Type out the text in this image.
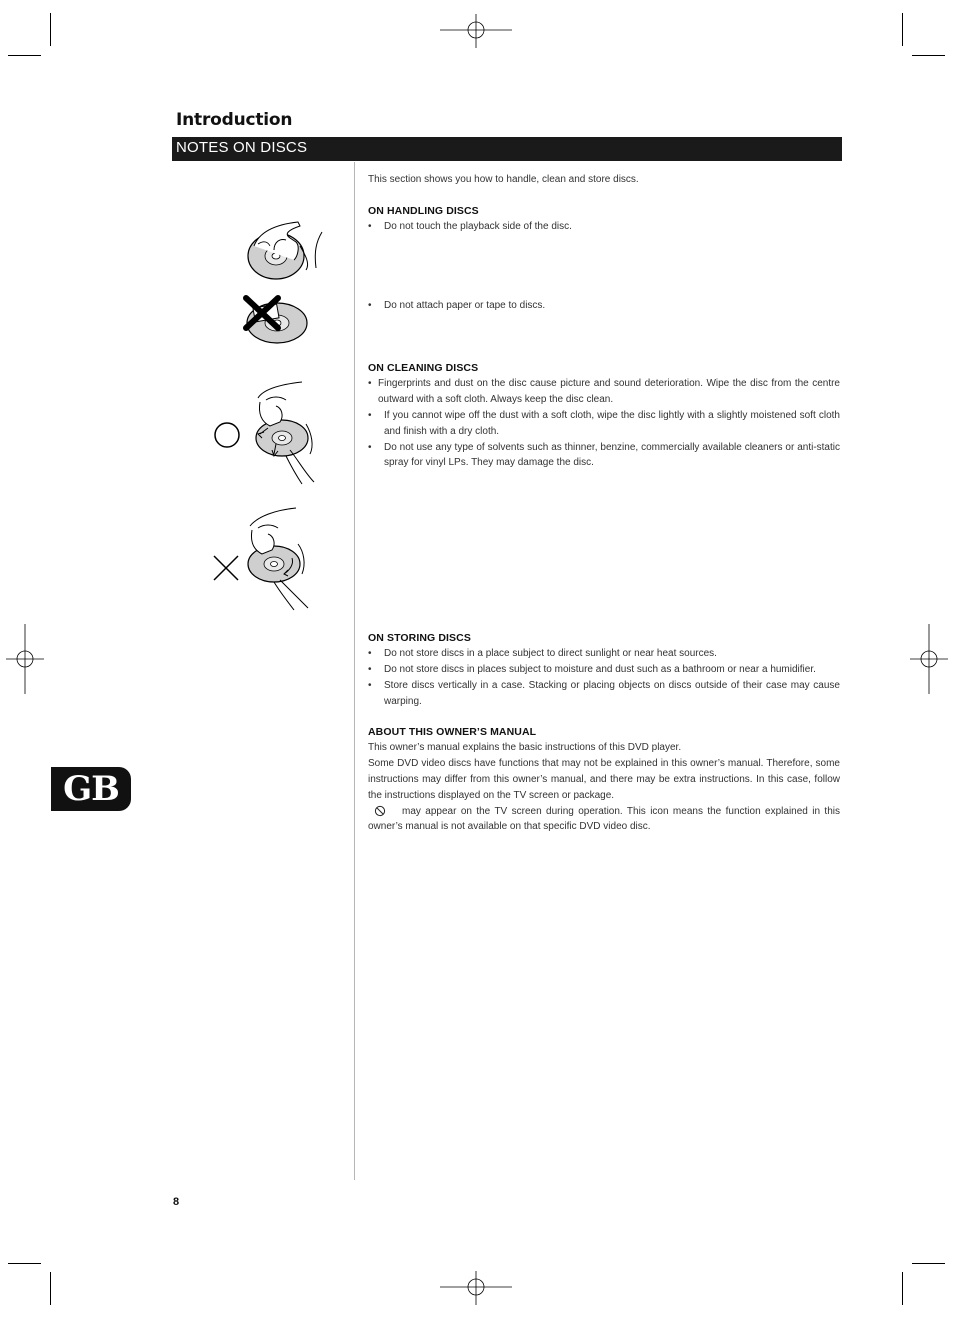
Introduction
NOTES ON DISCS

This section shows you how to handle, clean and store discs.

ON HANDLING DISCS
• Do not touch the playback side of the disc.
• Do not attach paper or tape to discs.
ON CLEANING DISCS
• Fingerprints and dust on the disc cause picture and sound deterioration. Wipe the disc from the centre outward with a soft cloth. Always keep the disc clean.
• If you cannot wipe off the dust with a soft cloth, wipe the disc lightly with a slightly moistened soft cloth and finish with a dry cloth.
• Do not use any type of solvents such as thinner, benzine, commercially available cleaners or anti-static spray for vinyl LPs. They may damage the disc.
ON STORING DISCS
• Do not store discs in a place subject to direct sunlight or near heat sources.
• Do not store discs in places subject to moisture and dust such as a bathroom or near a humidifier.
• Store discs vertically in a case. Stacking or placing objects on discs outside of their case may cause warping.
ABOUT THIS OWNER’S MANUAL

This owner’s manual explains the basic instructions of this DVD player.

Some DVD video discs have functions that may not be explained in this owner’s manual. Therefore, some instructions may differ from this owner’s manual, and there may be extra instructions. In this case, follow the instructions displayed on the TV screen or package.

may appear on the TV screen during operation. This icon means the function explained in this owner’s manual is not available on that specific DVD video disc.

GB
8
